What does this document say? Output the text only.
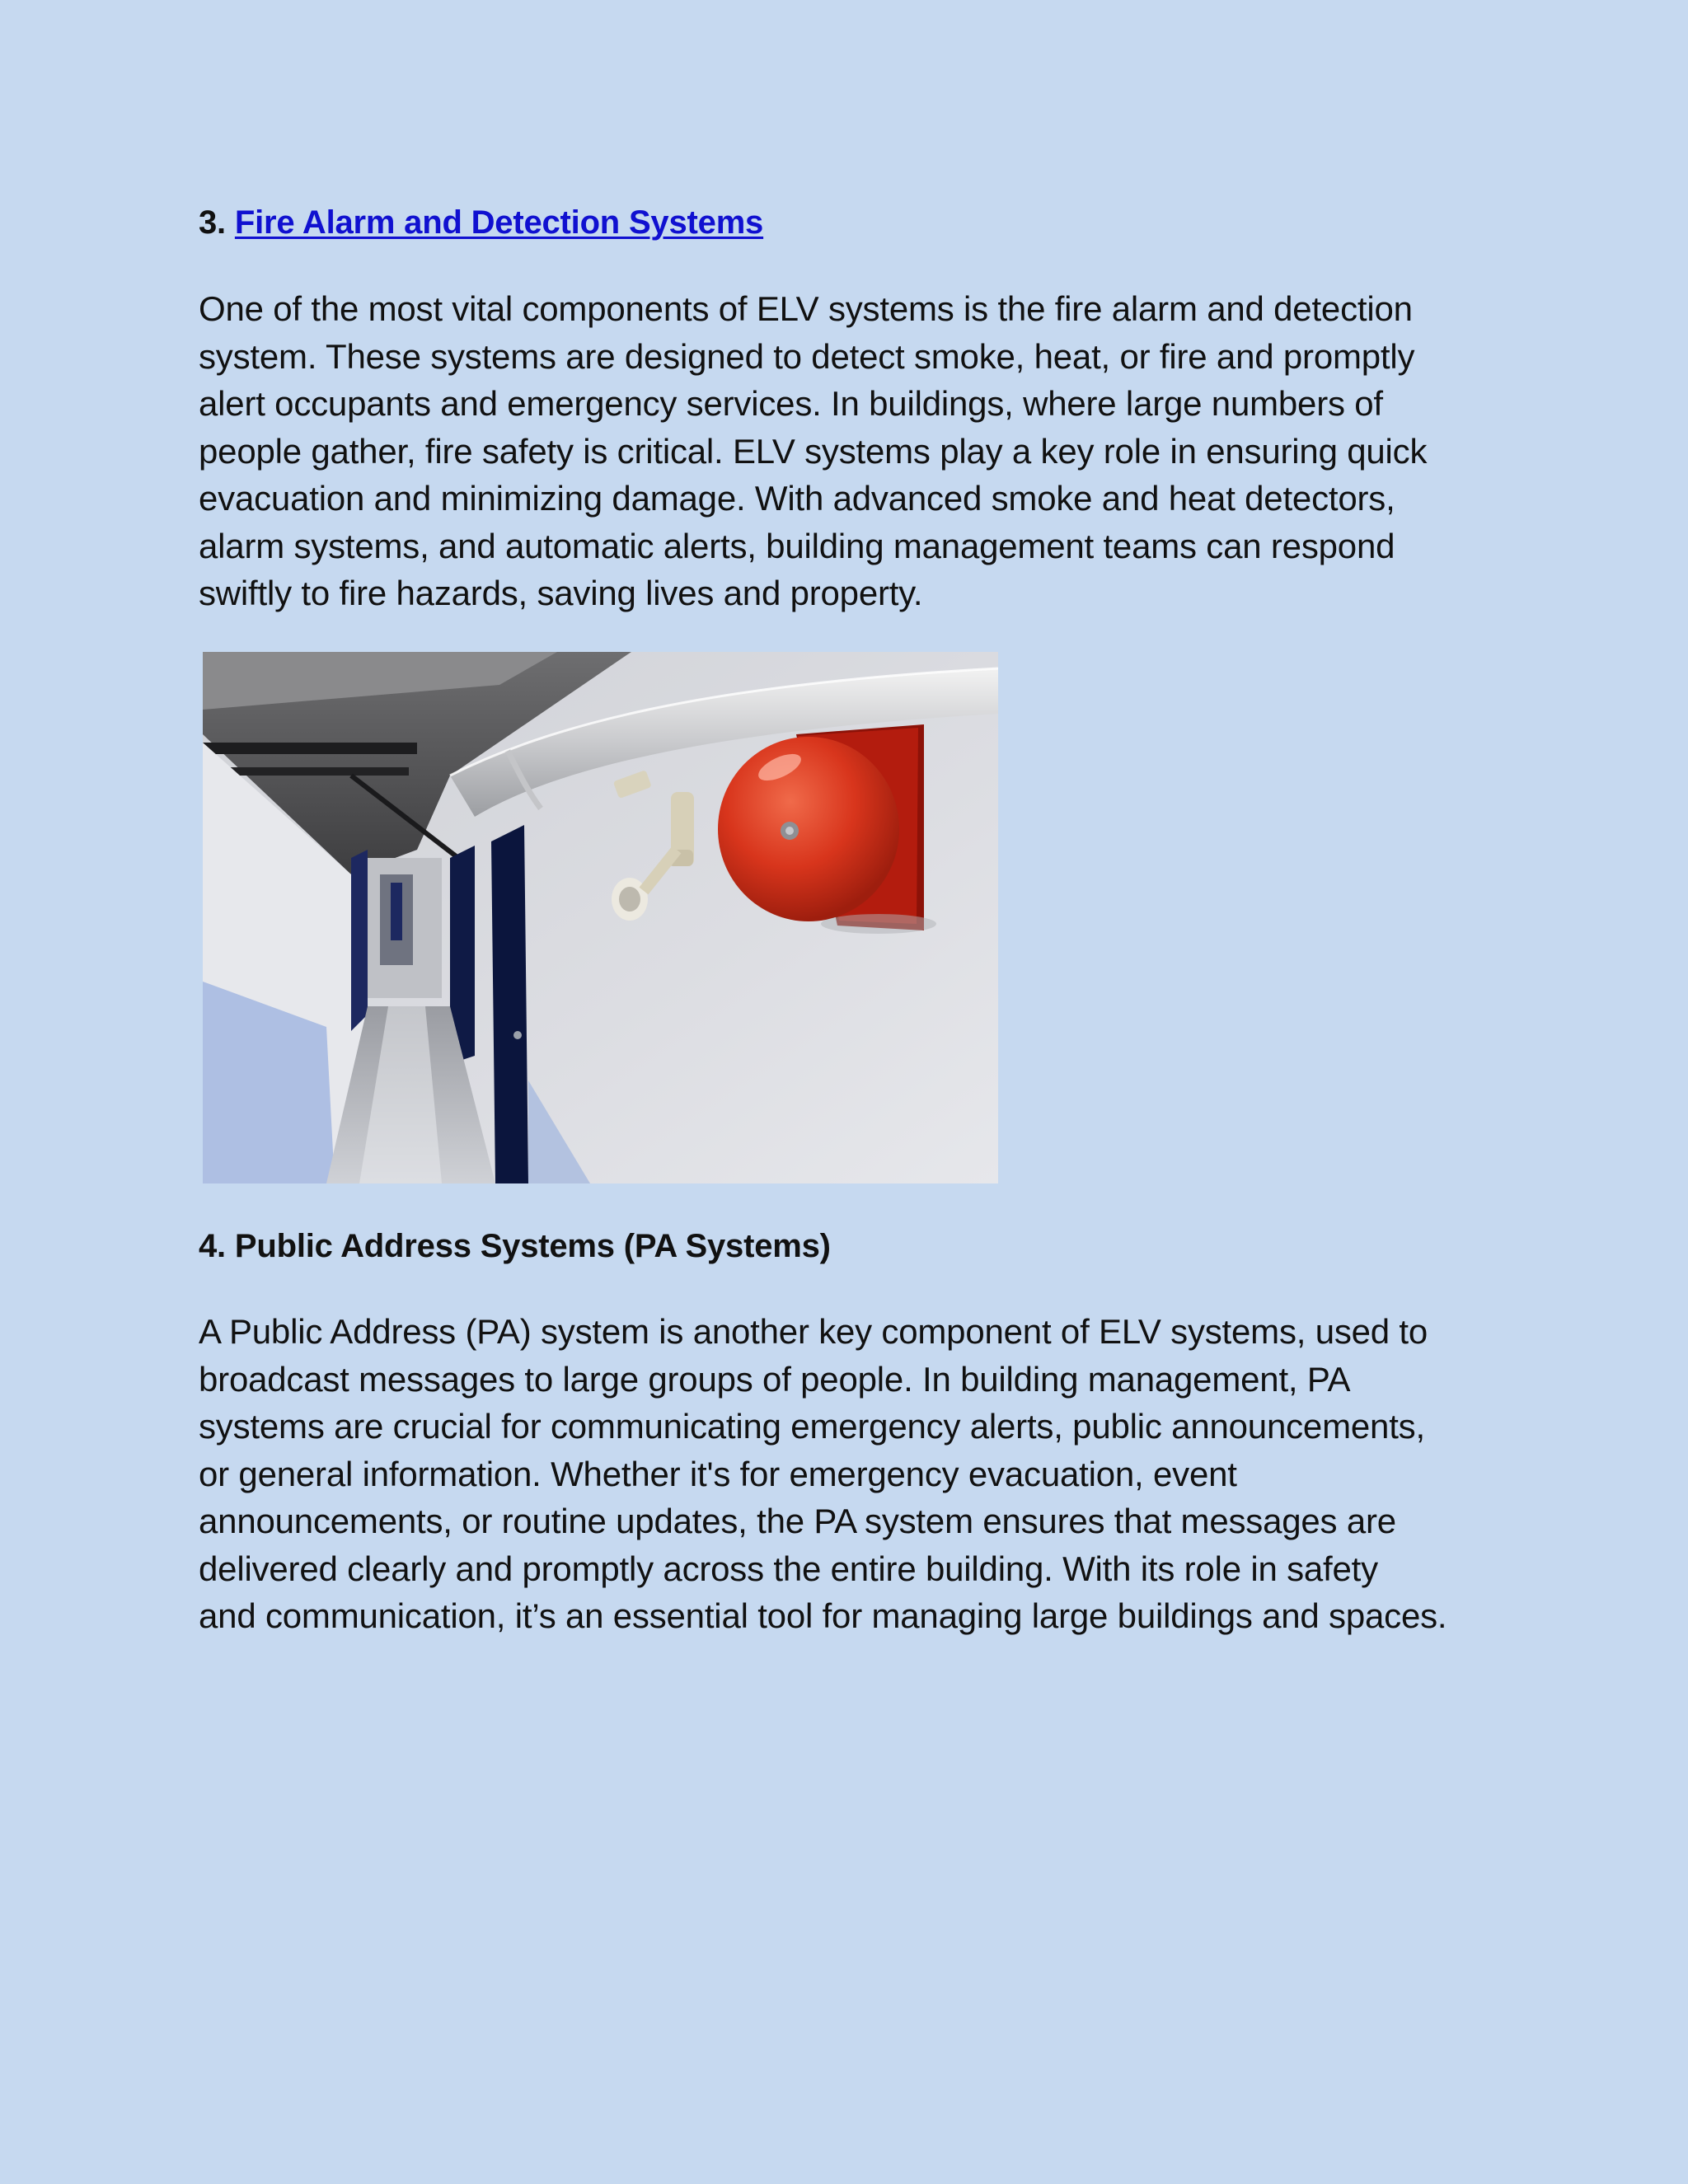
3. Fire Alarm and Detection Systems

One of the most vital components of ELV systems is the fire alarm and detection
system. These systems are designed to detect smoke, heat, or fire and promptly
alert occupants and emergency services. In buildings, where large numbers of
people gather, fire safety is critical. ELV systems play a key role in ensuring quick
evacuation and minimizing damage. With advanced smoke and heat detectors,
alarm systems, and automatic alerts, building management teams can respond
swiftly to fire hazards, saving lives and property.

4. Public Address Systems (PA Systems)

A Public Address (PA) system is another key component of ELV systems, used to
broadcast messages to large groups of people. In building management, PA
systems are crucial for communicating emergency alerts, public announcements,
or general information. Whether it's for emergency evacuation, event
announcements, or routine updates, the PA system ensures that messages are
delivered clearly and promptly across the entire building. With its role in safety
and communication, it’s an essential tool for managing large buildings and spaces.
